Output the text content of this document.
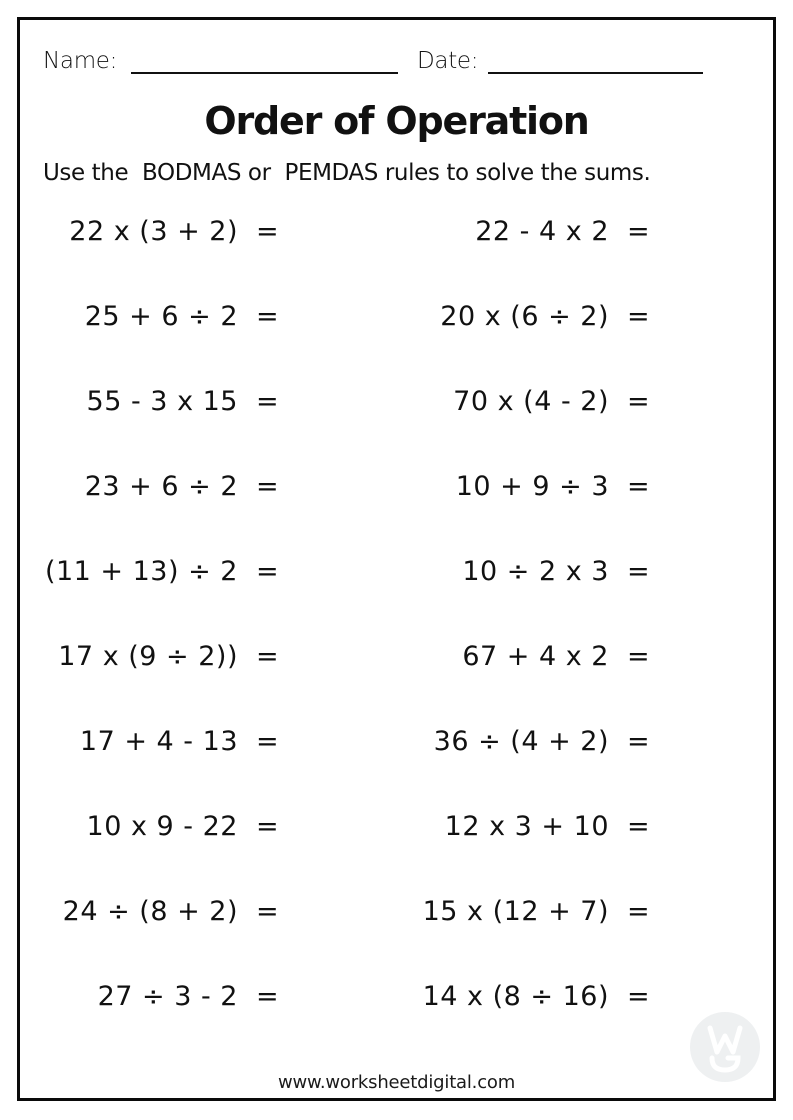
Name:	Date:
Order of Operation
Use the  BODMAS or  PEMDAS rules to solve the sums.
22 x (3 + 2) =
25 + 6 ÷ 2 =
55 - 3 x 15 =
23 + 6 ÷ 2 =
(11 + 13) ÷ 2 =
17 x (9 ÷ 2)) =
17 + 4 - 13 =
10 x 9 - 22 =
24 ÷ (8 + 2) =
27 ÷ 3 - 2 =
22 - 4 x 2 =
20 x (6 ÷ 2) =
70 x (4 - 2) =
10 + 9 ÷ 3 =
10 ÷ 2 x 3 =
67 + 4 x 2 =
36 ÷ (4 + 2) =
12 x 3 + 10 =
15 x (12 + 7) =
14 x (8 ÷ 16) =
www.worksheetdigital.com
